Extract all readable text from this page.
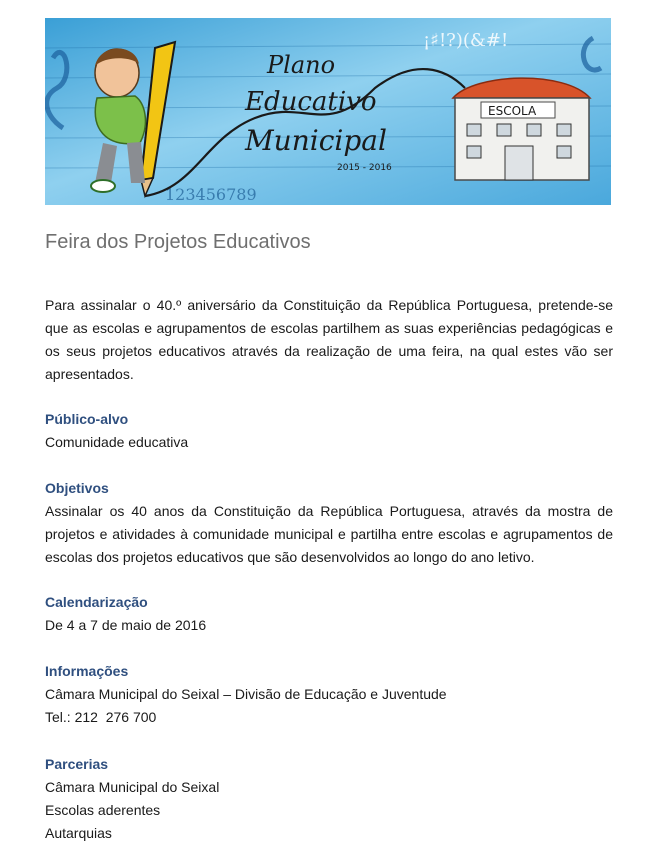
¡♯!?)(&#!
123456789
Plano
Educativo
Municipal
2015 - 2016
ESCOLA
Feira dos Projetos Educativos

Para assinalar o 40.º aniversário da Constituição da República Portuguesa, pretende-se que as escolas e agrupamentos de escolas partilhem as suas experiências pedagógicas e os seus projetos educativos através da realização de uma feira, na qual estes vão ser apresentados.

Público-alvo

Comunidade educativa

Objetivos

Assinalar os 40 anos da Constituição da República Portuguesa, através da mostra de projetos e atividades à comunidade municipal e partilha entre escolas e agrupamentos de escolas dos projetos educativos que são desenvolvidos ao longo do ano letivo.

Calendarização

De 4 a 7 de maio de 2016

Informações

Câmara Municipal do Seixal – Divisão de Educação e Juventude

Tel.: 212  276 700

Parcerias

Câmara Municipal do Seixal

Escolas aderentes

Autarquias
